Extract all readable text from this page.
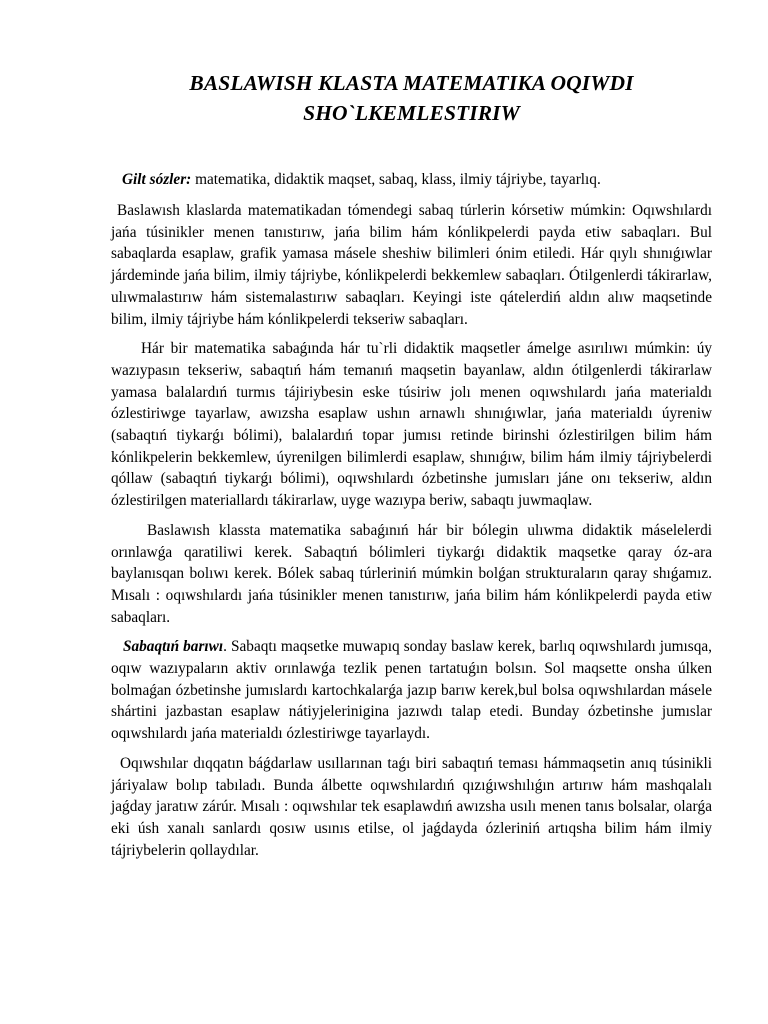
BASLAWISH KLASTA MATEMATIKA OQIWDI
SHO`LKEMLESTIRIW

Gilt sózler: matematika, didaktik maqset, sabaq, klass, ilmiy tájriybe, tayarlıq.

Baslawısh klaslarda matematikadan tómendegi sabaq túrlerin kórsetiw múmkin: Oqıwshılardı jańa túsinikler menen tanıstırıw, jańa bilim hám kónlikpelerdi payda etiw sabaqları. Bul sabaqlarda esaplaw, grafik yamasa másele sheshiw bilimleri ónim etiledi. Hár qıylı shınıǵıwlar járdeminde jańa bilim, ilmiy tájriybe, kónlikpelerdi bekkemlew sabaqları. Ótilgenlerdi tákirarlaw, ulıwmalastırıw hám sistemalastırıw sabaqları. Keyingi iste qátelerdiń aldın alıw maqsetinde bilim, ilmiy tájriybe hám kónlikpelerdi tekseriw sabaqları.

Hár bir matematika sabaǵında hár tu`rli didaktik maqsetler ámelge asırılıwı múmkin: úy wazıypasın tekseriw, sabaqtıń hám temanıń maqsetin bayanlaw, aldın ótilgenlerdi tákirarlaw yamasa balalardıń turmıs tájiriybesin eske túsiriw jolı menen oqıwshılardı jańa materialdı ózlestiriwge tayarlaw, awızsha esaplaw ushın arnawlı shınıǵıwlar, jańa materialdı úyreniw (sabaqtıń tiykarǵı bólimi), balalardıń topar jumısı retinde birinshi ózlestirilgen bilim hám kónlikpelerin bekkemlew, úyrenilgen bilimlerdi esaplaw, shınıǵıw, bilim hám ilmiy tájriybelerdi qóllaw (sabaqtıń tiykarǵı bólimi), oqıwshılardı ózbetinshe jumısları jáne onı tekseriw, aldın ózlestirilgen materiallardı tákirarlaw, uyge wazıypa beriw, sabaqtı juwmaqlaw.

Baslawısh klassta matematika sabaǵınıń hár bir bólegin ulıwma didaktik máselelerdi orınlawǵa qaratiliwi kerek. Sabaqtıń bólimleri tiykarǵı didaktik maqsetke qaray óz-ara baylanısqan bolıwı kerek. Bólek sabaq túrleriniń múmkin bolǵan strukturaların qaray shıǵamız. Mısalı : oqıwshılardı jańa túsinikler menen tanıstırıw, jańa bilim hám kónlikpelerdi payda etiw sabaqları.

Sabaqtıń barıwı. Sabaqtı maqsetke muwapıq sonday baslaw kerek, barlıq oqıwshılardı jumısqa, oqıw wazıypaların aktiv orınlawǵa tezlik penen tartatuǵın bolsın. Sol maqsette onsha úlken bolmaǵan ózbetinshe jumıslardı kartochkalarǵa jazıp barıw kerek,bul bolsa oqıwshılardan másele shártini jazbastan esaplaw nátiyjelerinigina jazıwdı talap etedi. Bunday ózbetinshe jumıslar oqıwshılardı jańa materialdı ózlestiriwge tayarlaydı.

Oqıwshılar dıqqatın báǵdarlaw usıllarınan taǵı biri sabaqtıń teması hámmaqsetin anıq túsinikli járiyalaw bolıp tabıladı. Bunda álbette oqıwshılardıń qızıǵıwshılıǵın artırıw hám mashqalalı jaǵday jaratıw zárúr. Mısalı : oqıwshılar tek esaplawdıń awızsha usılı menen tanıs bolsalar, olarǵa eki úsh xanalı sanlardı qosıw usınıs etilse, ol jaǵdayda ózleriniń artıqsha bilim hám ilmiy tájriybelerin qollaydılar.
